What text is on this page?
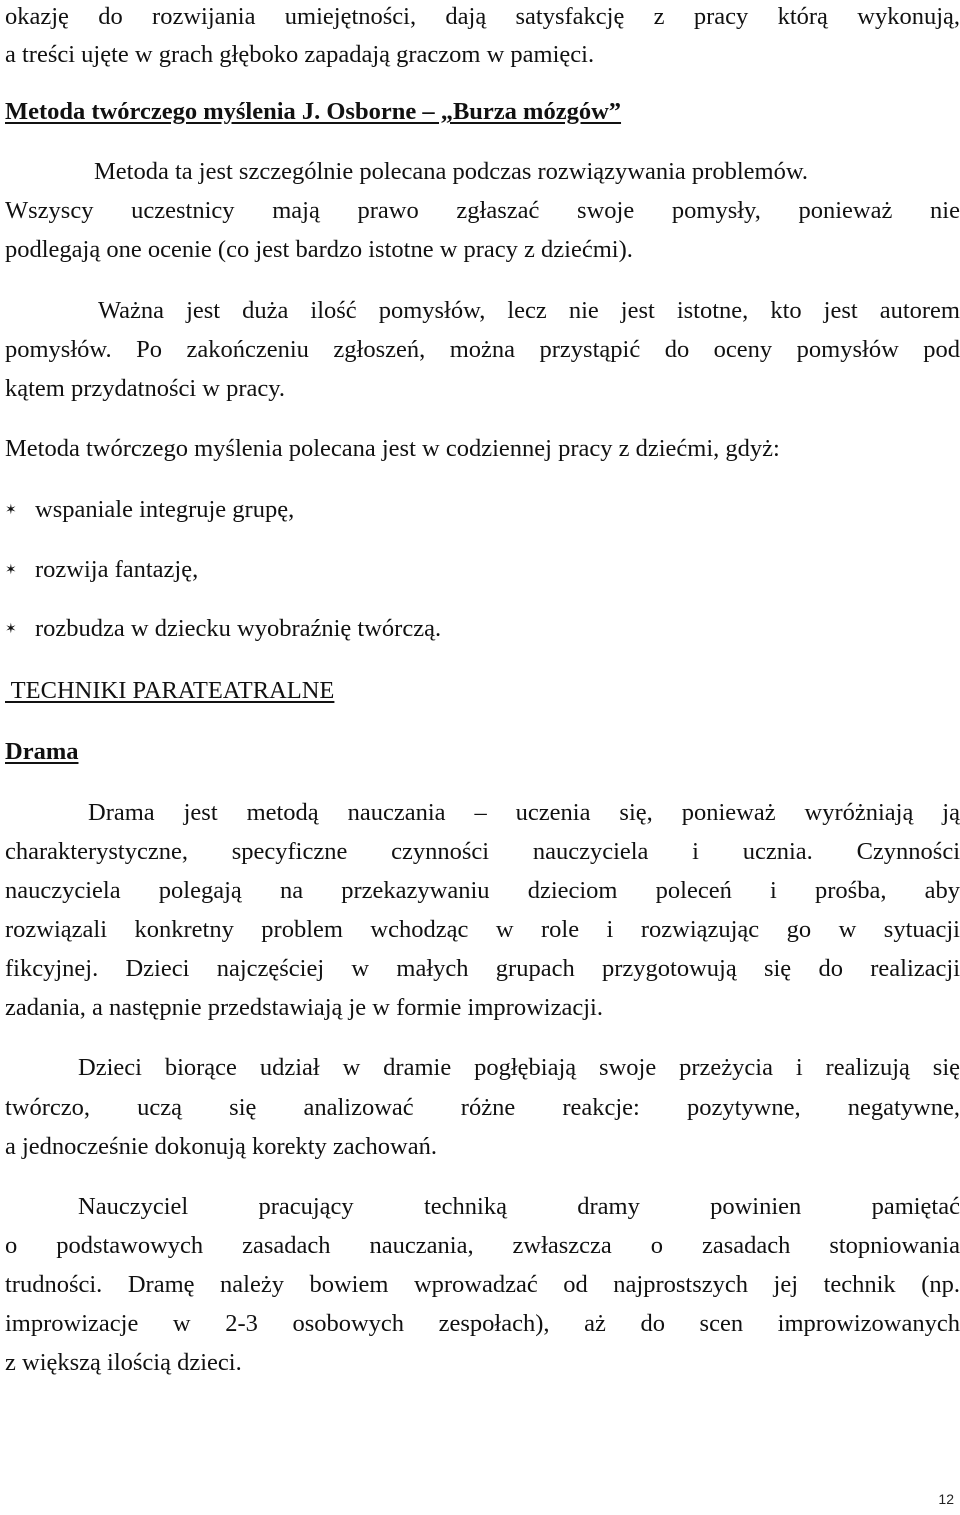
okazję do rozwijania umiejętności, dają satysfakcję z pracy którą wykonują,
a treści ujęte w grach głęboko zapadają graczom w pamięci.
Metoda twórczego myślenia J. Osborne – „Burza mózgów”
Metoda ta jest szczególnie polecana podczas rozwiązywania problemów.
Wszyscy uczestnicy mają prawo zgłaszać swoje pomysły, ponieważ nie
podlegają one ocenie (co jest bardzo istotne w pracy z dziećmi).
Ważna jest duża ilość pomysłów, lecz nie jest istotne, kto jest autorem
pomysłów. Po zakończeniu zgłoszeń, można przystąpić do oceny pomysłów pod
kątem przydatności w pracy.
Metoda twórczego myślenia polecana jest w codziennej pracy z dziećmi, gdyż:
✶ wspaniale integruje grupę,
✶ rozwija fantazję,
✶ rozbudza w dziecku wyobraźnię twórczą.
TECHNIKI PARATEATRALNE
Drama
Drama jest metodą nauczania – uczenia się, ponieważ wyróżniają ją
charakterystyczne, specyficzne czynności nauczyciela i ucznia. Czynności
nauczyciela polegają na przekazywaniu dzieciom poleceń i prośba, aby
rozwiązali konkretny problem wchodząc w role i rozwiązując go w sytuacji
fikcyjnej. Dzieci najczęściej w małych grupach przygotowują się do realizacji
zadania, a następnie przedstawiają je w formie improwizacji.
Dzieci biorące udział w dramie pogłębiają swoje przeżycia i realizują się
twórczo, uczą się analizować różne reakcje: pozytywne, negatywne,
a jednocześnie dokonują korekty zachowań.
Nauczyciel pracujący techniką dramy powinien pamiętać
o podstawowych zasadach nauczania, zwłaszcza o zasadach stopniowania
trudności. Dramę należy bowiem wprowadzać od najprostszych jej technik (np.
improwizacje w 2-3 osobowych zespołach), aż do scen improwizowanych
z większą ilością dzieci.
12
